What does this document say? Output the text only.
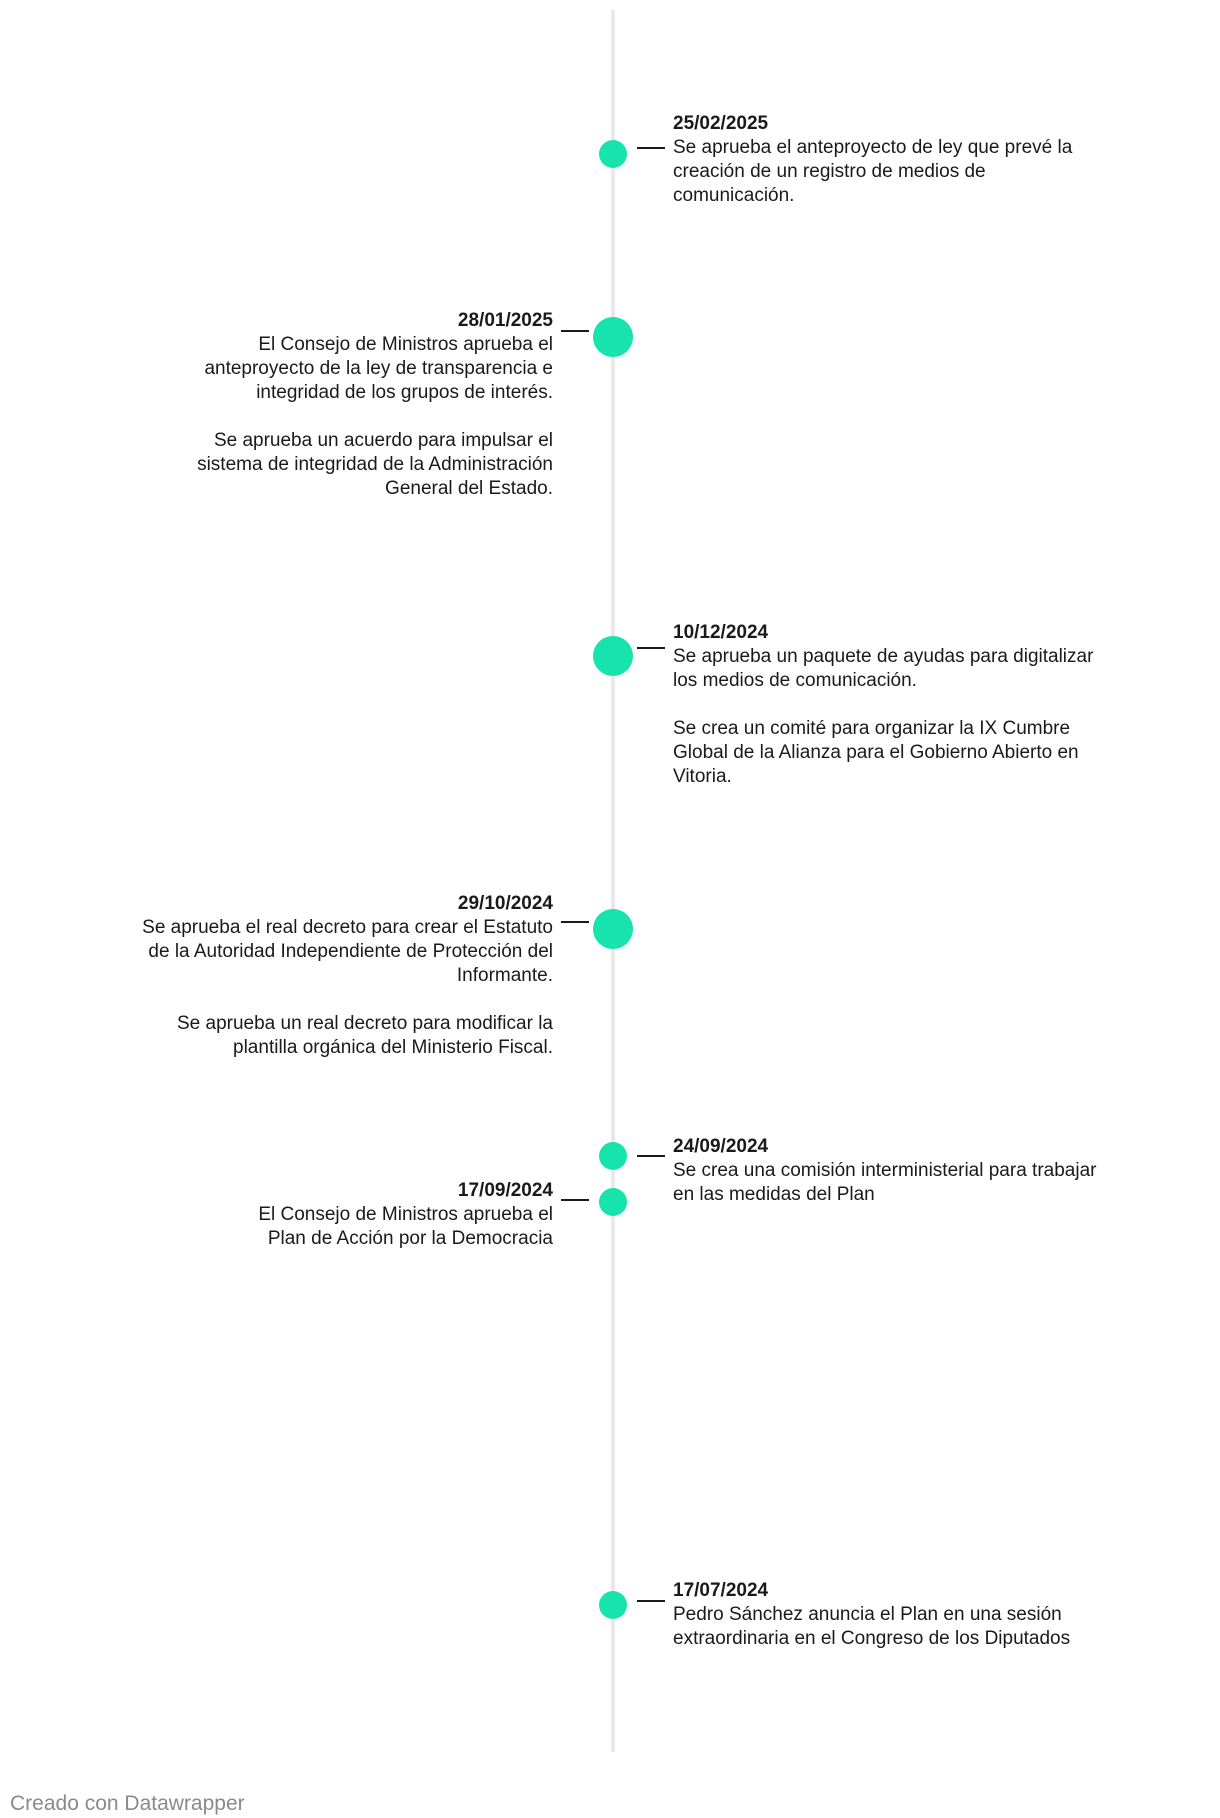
25/02/2025
Se aprueba el anteproyecto de ley que prevé la creación de un registro de medios de comunicación.
28/01/2025
El Consejo de Ministros aprueba el anteproyecto de la ley de transparencia e integridad de los grupos de interés.
Se aprueba un acuerdo para impulsar el sistema de integridad de la Administración General del Estado.
10/12/2024
Se aprueba un paquete de ayudas para digitalizar los medios de comunicación.
Se crea un comité para organizar la IX Cumbre Global de la Alianza para el Gobierno Abierto en Vitoria.
29/10/2024
Se aprueba el real decreto para crear el Estatuto de la Autoridad Independiente de Protección del Informante.
Se aprueba un real decreto para modificar la plantilla orgánica del Ministerio Fiscal.
24/09/2024
Se crea una comisión interministerial para trabajar en las medidas del Plan
17/09/2024
El Consejo de Ministros aprueba el Plan de Acción por la Democracia
17/07/2024
Pedro Sánchez anuncia el Plan en una sesión extraordinaria en el Congreso de los Diputados
Creado con Datawrapper
